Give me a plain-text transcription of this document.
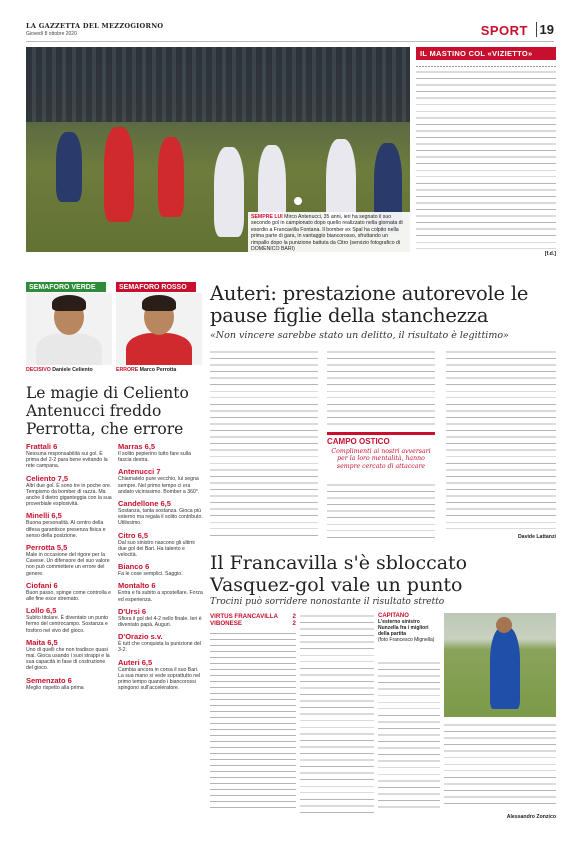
LA GAZZETTA DEL MEZZOGIORNO
Giovedì 8 ottobre 2020	SPORT 19
SEMPRE LUI Mirco Antenucci, 35 anni, ieri ha segnato il suo secondo gol in campionato dopo quello realizzato nella giornata di esordio a Francavilla Fontana. Il bomber ex Spal ha colpito nella prima parte di gara, in vantaggio biancorosso, sfruttando un rimpallo dopo la punizione battuta da Citro (servizio fotografico di DOMENICO BARI)
IL MASTINO COL «VIZIETTO»
[f.d.]
SEMAFORO VERDE	SEMAFORO ROSSO
DECISIVO Daniele Celiento	ERRORE Marco Perrotta
Le magie di Celiento Antenucci freddo Perrotta, che errore
Frattali 6
Nessuna responsabilità sui gol. È prima del 2-2 para bene evitando la rete campana.
Celiento 7,5
Altri due gol. È sono tre in poche ore. Tempismo da bomber di razza. Ma anche il dietro giganteggia con la sua proverbiale esplosività.
Minelli 6,5
Buona personalità. Al centro della difesa garantisce presenza fisica e senso della posizione.
Perrotta 5,5
Male in occasione del rigore per la Cavese. Un difensore del suo valore non può commettere un errore del genere.
Ciofani 6
Buon passo, spinge come controlla e alle fine esce stremato.
Lollo 6,5
Subito titolare. È diventato un punto fermo del centrocampo. Sostanza e fosforo nel vivo del gioco.
Maita 6,5
Uno di quelli che non tradisce quasi mai. Gioca usando i suoi strappi e la sua capacità in fase di costruzione del gioco.
Semenzato 6
Meglio rispetto alla prima
Marras 6,5
Il solito pepierino tutto fare sulla fascia destra.
Antenucci 7
Chiamatelo pure vecchio, lui segna sempre. Nel primo tempo ci era andato vicinissimo. Bomber a 360°.
Candellone 6,5
Sostanza, tanta sostanza. Gioca più esterno ma regala il solito contributo. Utilissimo.
Citro 6,5
Dal suo sinistro nascono gli ultimi due gol dei Bari. Ha talento e velocità.
Bianco 6
Fa le cose semplici. Saggio.
Montalto 6
Entra e fa subito a spostellare. Forza ed esperienza.
D'Ursi 6
Sfiora il gol del 4-2 nello finale. Ieri è diventato papà. Auguri.
D'Orazio s.v.
È tutt che conquista la punizione del 3-2.
Auteri 6,5
Cambia ancora in corsa il suo Bari. La sua mano si vede soprattutto nel primo tempo quando i biancorossi spingono sull'acceleratore.
Auteri: prestazione autorevole le pause figlie della stanchezza
«Non vincere sarebbe stato un delitto, il risultato è legittimo»
CAMPO OSTICO
Complimenti ai nostri avversari per la loro mentalità, hanno sempre cercato di attaccare
Davide Lattanzi
Il Francavilla s'è sbloccato Vasquez-gol vale un punto
Trocini può sorridere nonostante il risultato stretto
VIRTUS FRANCAVILLA 2
VIBONESE	2
CAPITANO
L'esterno sinistro Nunzella fra i migliori della partita
(foto Francesco Mignella)
Alessandro Zonzico
